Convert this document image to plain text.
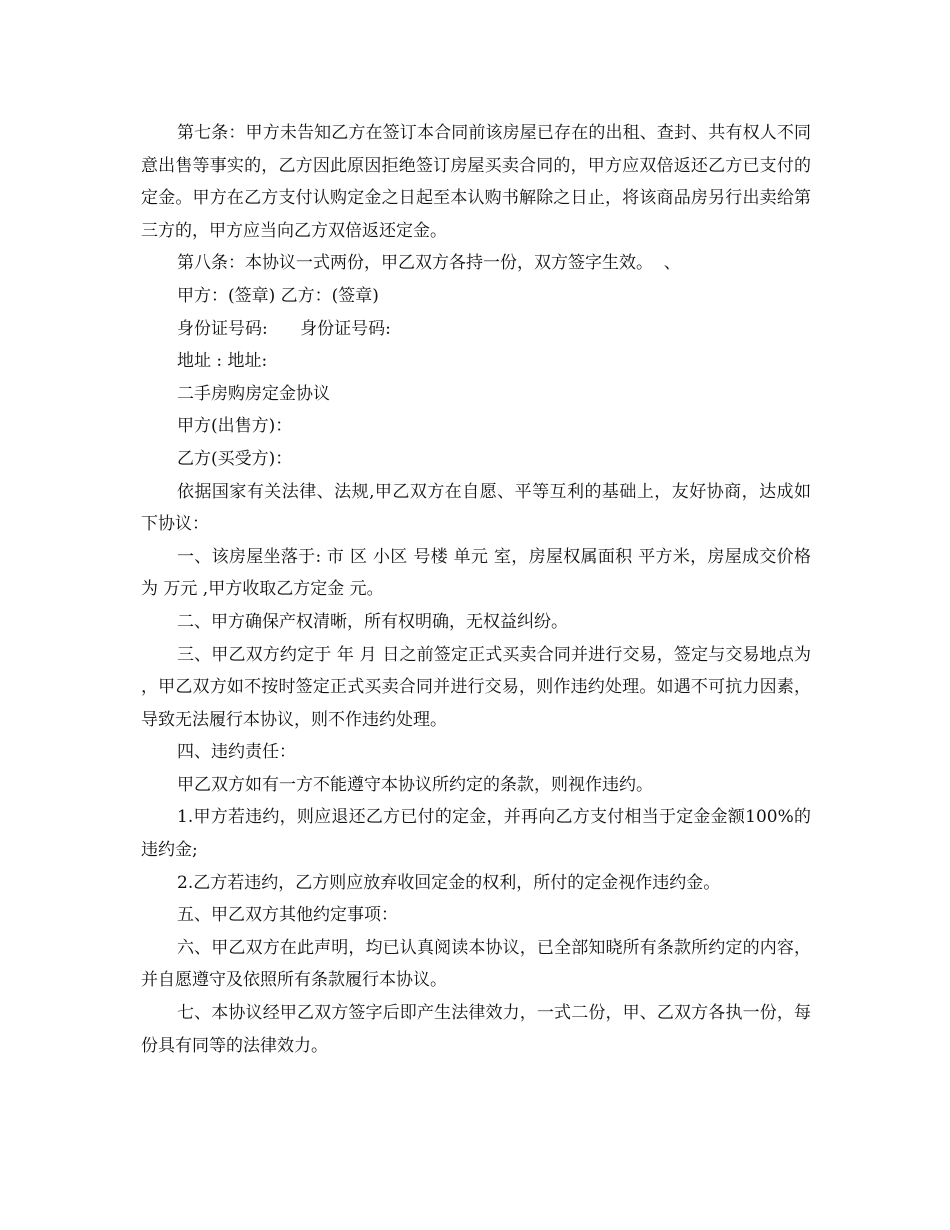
第七条：甲方未告知乙方在签订本合同前该房屋已存在的出租、查封、共有权人不同意出售等事实的，乙方因此原因拒绝签订房屋买卖合同的，甲方应双倍返还乙方已支付的定金。甲方在乙方支付认购定金之日起至本认购书解除之日止，将该商品房另行出卖给第三方的，甲方应当向乙方双倍返还定金。

第八条：本协议一式两份，甲乙双方各持一份，双方签字生效。  、

甲方：(签章) 乙方：(签章)

身份证号码:      身份证号码:

地址 : 地址:

二手房购房定金协议

甲方(出售方)：

乙方(买受方)：

依据国家有关法律、法规,甲乙双方在自愿、平等互利的基础上，友好协商，达成如下协议：

一、该房屋坐落于: 市 区 小区 号楼 单元 室，房屋权属面积 平方米，房屋成交价格为 万元 ,甲方收取乙方定金 元。

二、甲方确保产权清晰，所有权明确，无权益纠纷。

三、甲乙双方约定于 年 月 日之前签定正式买卖合同并进行交易，签定与交易地点为 ，甲乙双方如不按时签定正式买卖合同并进行交易，则作违约处理。如遇不可抗力因素，导致无法履行本协议，则不作违约处理。

四、违约责任：

甲乙双方如有一方不能遵守本协议所约定的条款，则视作违约。

1.甲方若违约，则应退还乙方已付的定金，并再向乙方支付相当于定金金额100%的违约金;

2.乙方若违约，乙方则应放弃收回定金的权利，所付的定金视作违约金。

五、甲乙双方其他约定事项：

六、甲乙双方在此声明，均已认真阅读本协议，已全部知晓所有条款所约定的内容，并自愿遵守及依照所有条款履行本协议。

七、本协议经甲乙双方签字后即产生法律效力，一式二份，甲、乙双方各执一份，每份具有同等的法律效力。
